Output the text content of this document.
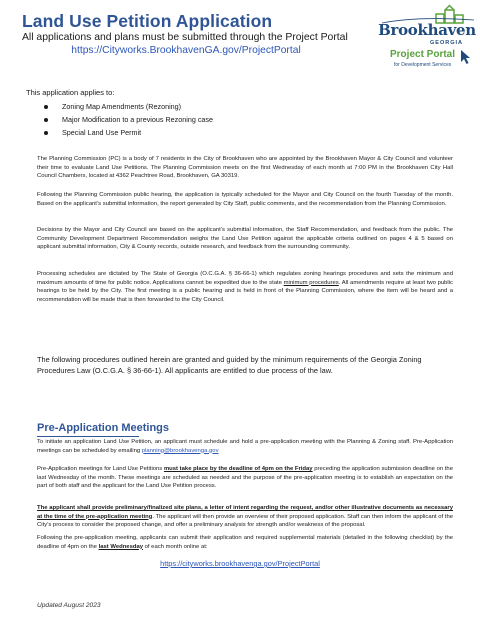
Land Use Petition Application
All applications and plans must be submitted through the Project Portal
https://Cityworks.BrookhavenGA.gov/ProjectPortal
Brookhaven
GEORGIA
Project Portal
for Development Services
This application applies to:
Zoning Map Amendments (Rezoning)
Major Modification to a previous Rezoning case
Special Land Use Permit
The Planning Commission (PC) is a body of 7 residents in the City of Brookhaven who are appointed by the Brookhaven Mayor & City Council and volunteer their time to evaluate Land Use Petitions. The Planning Commission meets on the first Wednesday of each month at 7:00 PM in the Brookhaven City Hall Council Chambers, located at 4362 Peachtree Road, Brookhaven, GA 30319.
Following the Planning Commission public hearing, the application is typically scheduled for the Mayor and City Council on the fourth Tuesday of the month. Based on the applicant’s submittal information, the report generated by City Staff, public comments, and the recommendation from the Planning Commission.
Decisions by the Mayor and City Council are based on the applicant’s submittal information, the Staff Recommendation, and feedback from the public. The Community Development Department Recommendation weighs the Land Use Petition against the applicable criteria outlined on pages 4 & 5 based on applicant submittal information, City & County records, outside research, and feedback from the surrounding community.
Processing schedules are dictated by The State of Georgia (O.C.G.A. § 36-66-1) which regulates zoning hearings procedures and sets the minimum and maximum amounts of time for public notice. Applications cannot be expedited due to the state minimum procedures. All amendments require at least two public hearings to be held by the City. The first meeting is a public hearing and is held in front of the Planning Commission, where the item will be heard and a recommendation will be made that is then forwarded to the City Council.
The following procedures outlined herein are granted and guided by the minimum requirements of the Georgia Zoning Procedures Law (O.C.G.A. § 36-66-1). All applicants are entitled to due process of the law.
Pre-Application Meetings
To initiate an application Land Use Petition, an applicant must schedule and hold a pre-application meeting with the Planning & Zoning staff. Pre-Application meetings can be scheduled by emailing planning@brookhavenga.gov
Pre-Application meetings for Land Use Petitions must take place by the deadline of 4pm on the Friday preceding the application submission deadline on the last Wednesday of the month. These meetings are scheduled as needed and the purpose of the pre-application meeting is to establish an expectation on the part of both staff and the applicant for the Land Use Petition process.
The applicant shall provide preliminary/finalized site plans, a letter of intent regarding the request, and/or other illustrative documents as necessary at the time of the pre-application meeting. The applicant will then provide an overview of their proposed application. Staff can then inform the applicant of the City’s process to consider the proposed change, and offer a preliminary analysis for strength and/or weakness of the proposal.
Following the pre-application meeting, applicants can submit their application and required supplemental materials (detailed in the following checklist) by the deadline of 4pm on the last Wednesday of each month online at:
https://cityworks.brookhavenga.gov/ProjectPortal
Updated August 2023
